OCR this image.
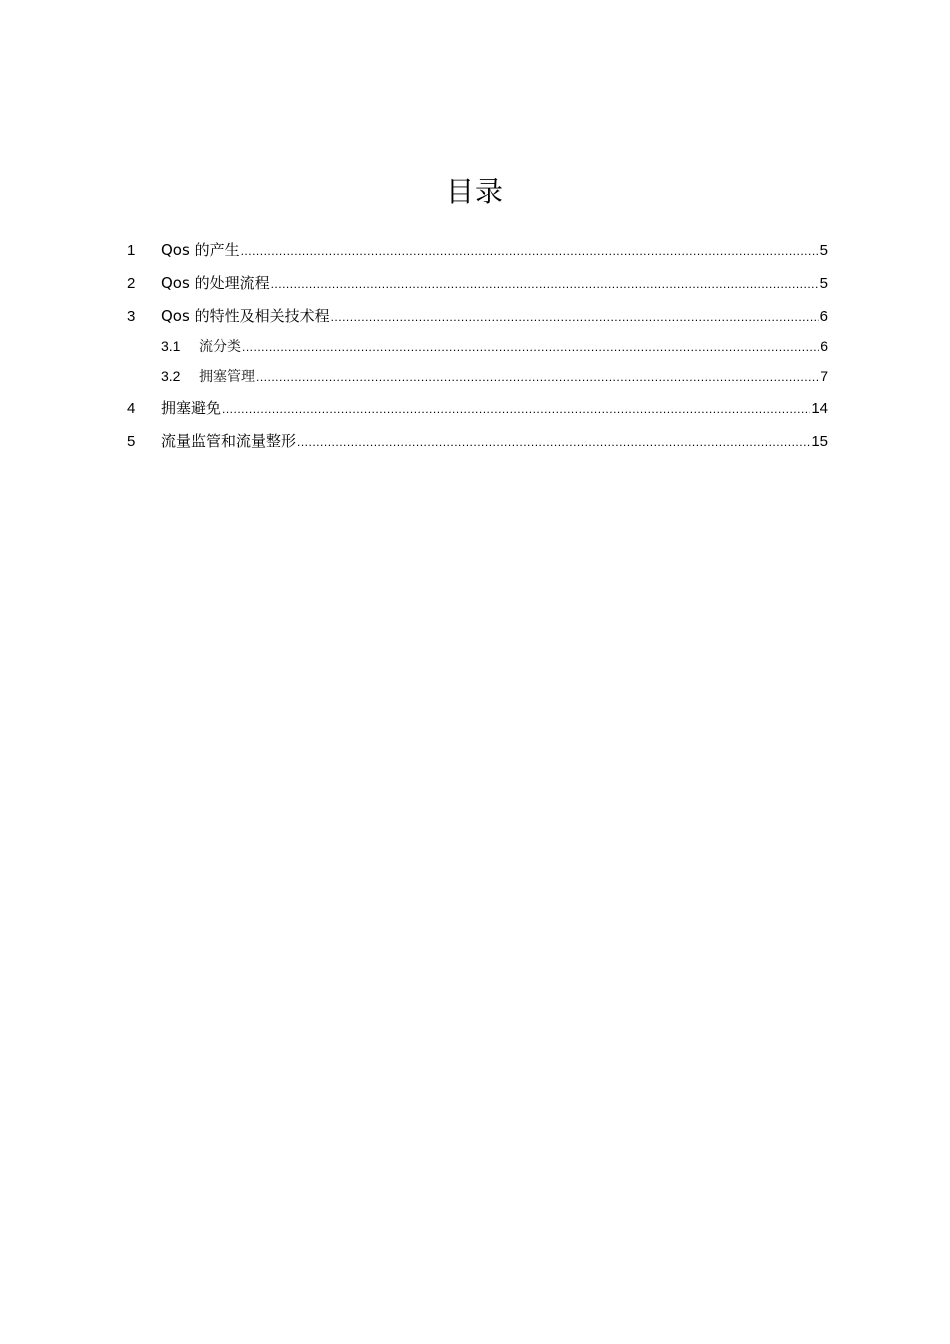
目录
1	Qos 的产生 .....	5
2	Qos 的处理流程 .....	5
3	Qos 的特性及相关技术程 .....	6
3.1	流分类 .....	6
3.2	拥塞管理 .....	7
4	拥塞避免 .....	14
5	流量监管和流量整形 .....	15
